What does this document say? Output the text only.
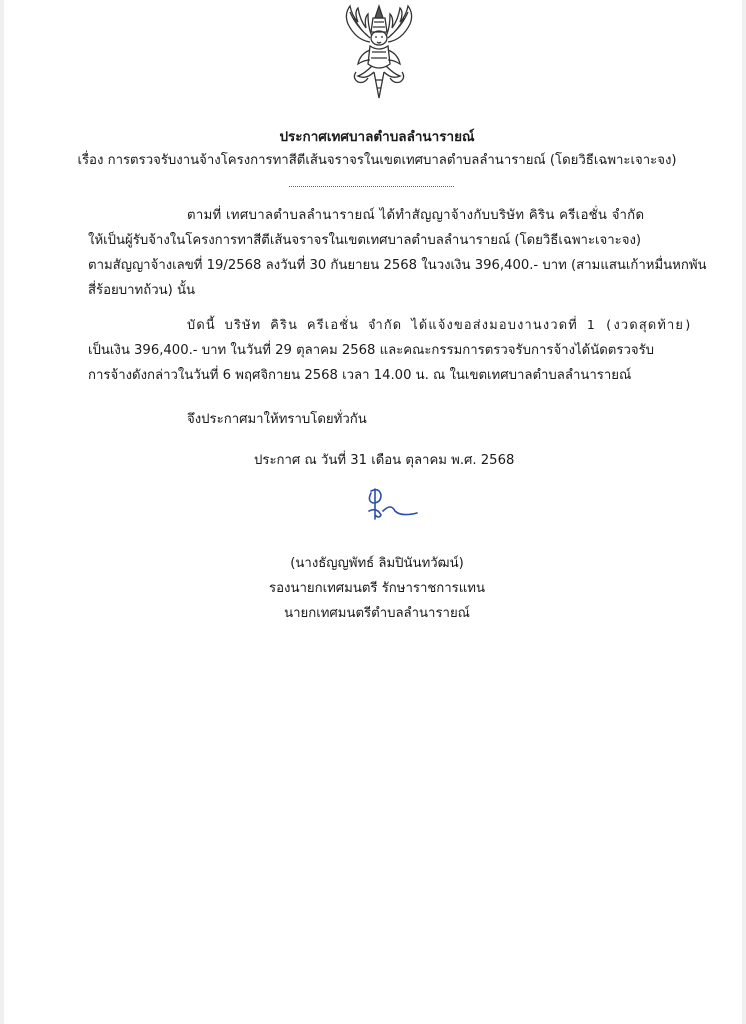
ประกาศเทศบาลตำบลลำนารายณ์
เรื่อง การตรวจรับงานจ้างโครงการทาสีตีเส้นจราจรในเขตเทศบาลตำบลลำนารายณ์ (โดยวิธีเฉพาะเจาะจง)
ตามที่ เทศบาลตำบลลำนารายณ์ ได้ทำสัญญาจ้างกับบริษัท คิริน ครีเอชั่น จำกัด
ให้เป็นผู้รับจ้างในโครงการทาสีตีเส้นจราจรในเขตเทศบาลตำบลลำนารายณ์ (โดยวิธีเฉพาะเจาะจง)
ตามสัญญาจ้างเลขที่ 19/2568 ลงวันที่ 30 กันยายน 2568 ในวงเงิน 396,400.- บาท (สามแสนเก้าหมื่นหกพัน
สี่ร้อยบาทถ้วน) นั้น
บัดนี้ บริษัท คิริน ครีเอชั่น จำกัด ได้แจ้งขอส่งมอบงานงวดที่ 1 (งวดสุดท้าย)
เป็นเงิน 396,400.- บาท ในวันที่ 29 ตุลาคม 2568 และคณะกรรมการตรวจรับการจ้างได้นัดตรวจรับ
การจ้างดังกล่าวในวันที่ 6 พฤศจิกายน 2568 เวลา 14.00 น. ณ ในเขตเทศบาลตำบลลำนารายณ์
จึงประกาศมาให้ทราบโดยทั่วกัน
ประกาศ ณ วันที่ 31 เดือน ตุลาคม พ.ศ. 2568
(นางธัญญพัทธ์ ลิมปินันทวัฒน์)
รองนายกเทศมนตรี รักษาราชการแทน
นายกเทศมนตรีตำบลลำนารายณ์
